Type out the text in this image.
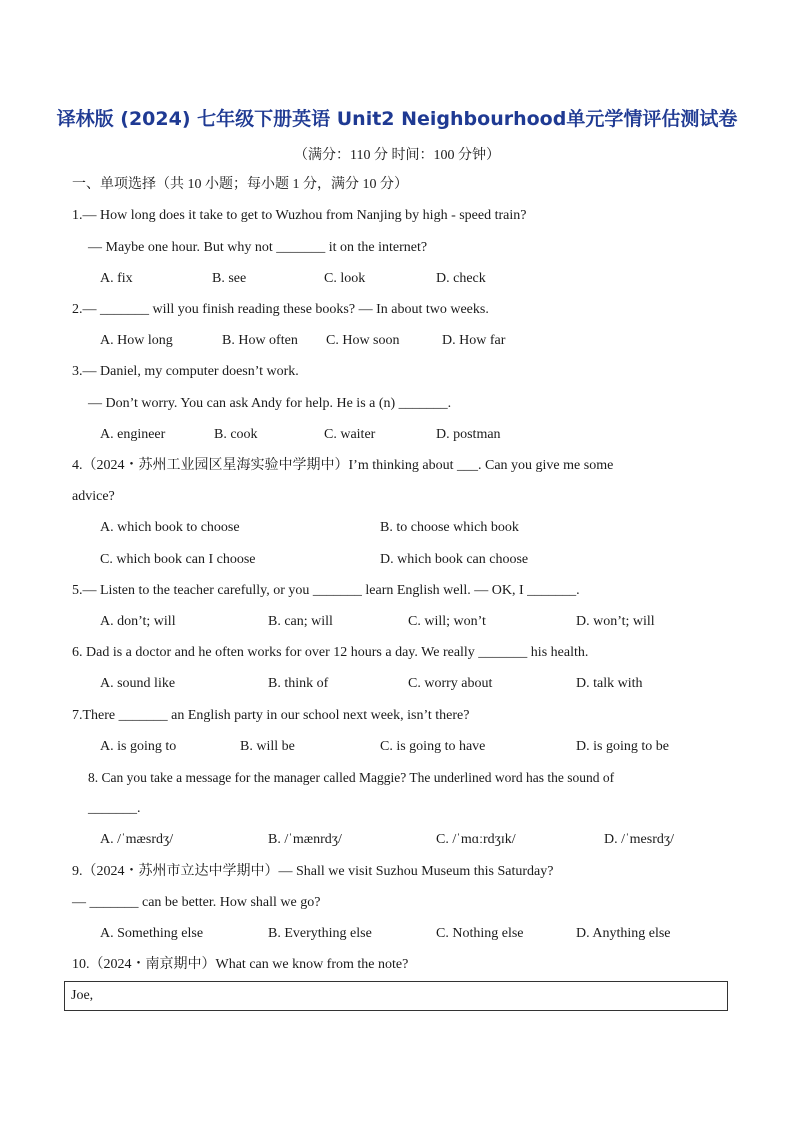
译林版 (2024) 七年级下册英语 Unit2 Neighbourhood单元学情评估测试卷
（满分：110 分 时间：100 分钟）
一、单项选择（共 10 小题；每小题 1 分，满分 10 分）
1.— How long does it take to get to Wuzhou from Nanjing by high - speed train?
— Maybe one hour. But why not _______ it on the internet?
A. fix	B. see	C. look	D. check
2.— _______ will you finish reading these books? — In about two weeks.
A. How long	B. How often C. How soon	D. How far
3.— Daniel, my computer doesn’t work.
— Don’t worry. You can ask Andy for help. He is a (n) _______.
A. engineer	B. cook	C. waiter	D. postman
4.（2024・苏州工业园区星海实验中学期中）I’m thinking about ___. Can you give me some
advice?
A. which book to choose	B. to choose which book
C. which book can I choose	D. which book can choose
5.— Listen to the teacher carefully, or you _______ learn English well. — OK, I _______.
A. don’t; will	B. can; will	C. will; won’t	D. won’t; will
6. Dad is a doctor and he often works for over 12 hours a day. We really _______ his health.
A. sound like	B. think of	C. worry about	D. talk with
7.There _______ an English party in our school next week, isn’t there?
A. is going to	B. will be	C. is going to have	D. is going to be
8. Can you take a message for the manager called Maggie? The underlined word has the sound of
_______.
A. /ˈmæsrdʒ/	B. /ˈmænrdʒ/	C. /ˈmɑːrdʒɪk/	D. /ˈmesrdʒ/
9.（2024・苏州市立达中学期中）— Shall we visit Suzhou Museum this Saturday?
— _______ can be better. How shall we go?
A. Something else	B. Everything else	C. Nothing else	D. Anything else
10.（2024・南京期中）What can we know from the note?
Joe,
